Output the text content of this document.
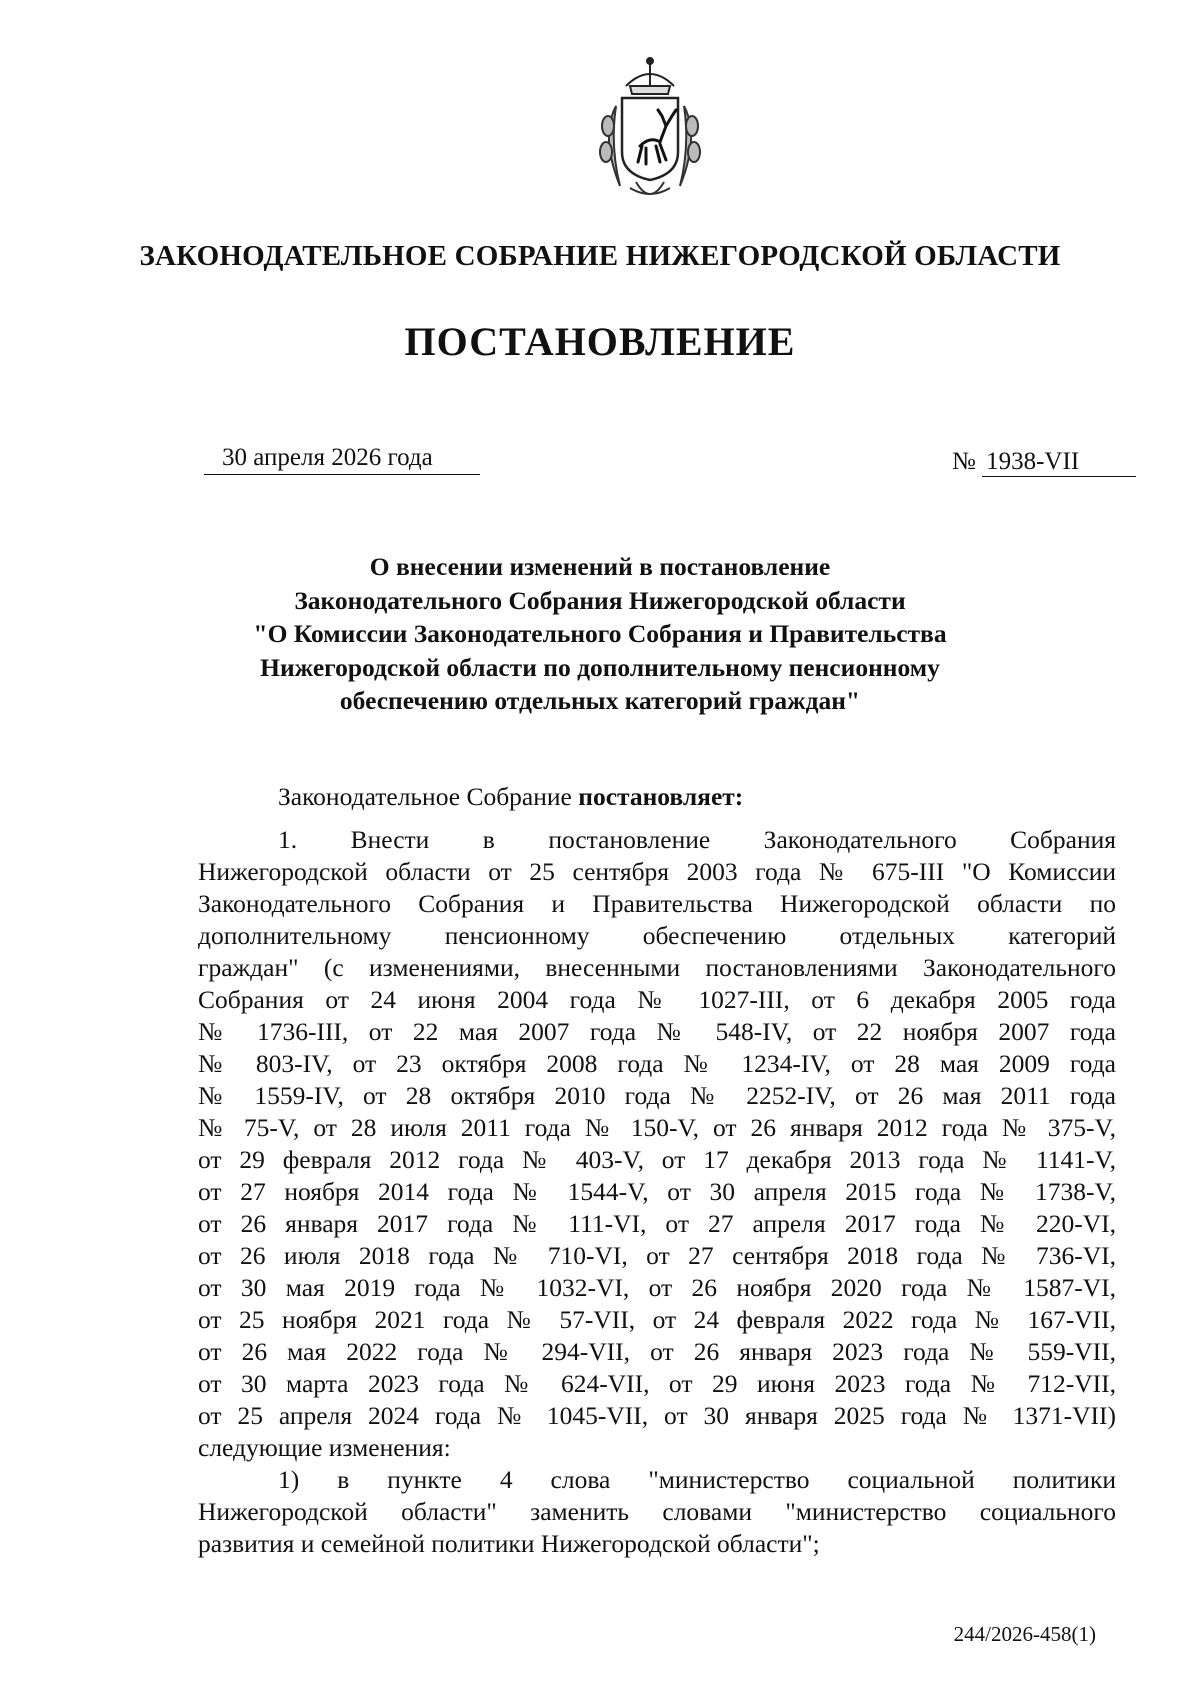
ЗАКОНОДАТЕЛЬНОЕ СОБРАНИЕ НИЖЕГОРОДСКОЙ ОБЛАСТИ
ПОСТАНОВЛЕНИЕ
30 апреля 2026 года	№ 1938-VII
О внесении изменений в постановление
Законодательного Собрания Нижегородской области
"О Комиссии Законодательного Собрания и Правительства
Нижегородской области по дополнительному пенсионному
обеспечению отдельных категорий граждан"
Законодательное Собрание постановляет:
1. Внести в постановление Законодательного Собрания
Нижегородской области от 25 сентября 2003 года № 675-III "О Комиссии
Законодательного Собрания и Правительства Нижегородской области по
дополнительному пенсионному обеспечению отдельных категорий
граждан" (с изменениями, внесенными постановлениями Законодательного
Собрания от 24 июня 2004 года № 1027-III, от 6 декабря 2005 года
№ 1736-III, от 22 мая 2007 года № 548-IV, от 22 ноября 2007 года
№ 803-IV, от 23 октября 2008 года № 1234-IV, от 28 мая 2009 года
№ 1559-IV, от 28 октября 2010 года № 2252-IV, от 26 мая 2011 года
№ 75-V, от 28 июля 2011 года № 150-V, от 26 января 2012 года № 375-V,
от 29 февраля 2012 года № 403-V, от 17 декабря 2013 года № 1141-V,
от 27 ноября 2014 года № 1544-V, от 30 апреля 2015 года № 1738-V,
от 26 января 2017 года № 111-VI, от 27 апреля 2017 года № 220-VI,
от 26 июля 2018 года № 710-VI, от 27 сентября 2018 года № 736-VI,
от 30 мая 2019 года № 1032-VI, от 26 ноября 2020 года № 1587-VI,
от 25 ноября 2021 года № 57-VII, от 24 февраля 2022 года № 167-VII,
от 26 мая 2022 года № 294-VII, от 26 января 2023 года № 559-VII,
от 30 марта 2023 года № 624-VII, от 29 июня 2023 года № 712-VII,
от 25 апреля 2024 года № 1045-VII, от 30 января 2025 года № 1371-VII)
следующие изменения:
1) в пункте 4 слова "министерство социальной политики
Нижегородской области" заменить словами "министерство социального
развития и семейной политики Нижегородской области";
244/2026-458(1)
